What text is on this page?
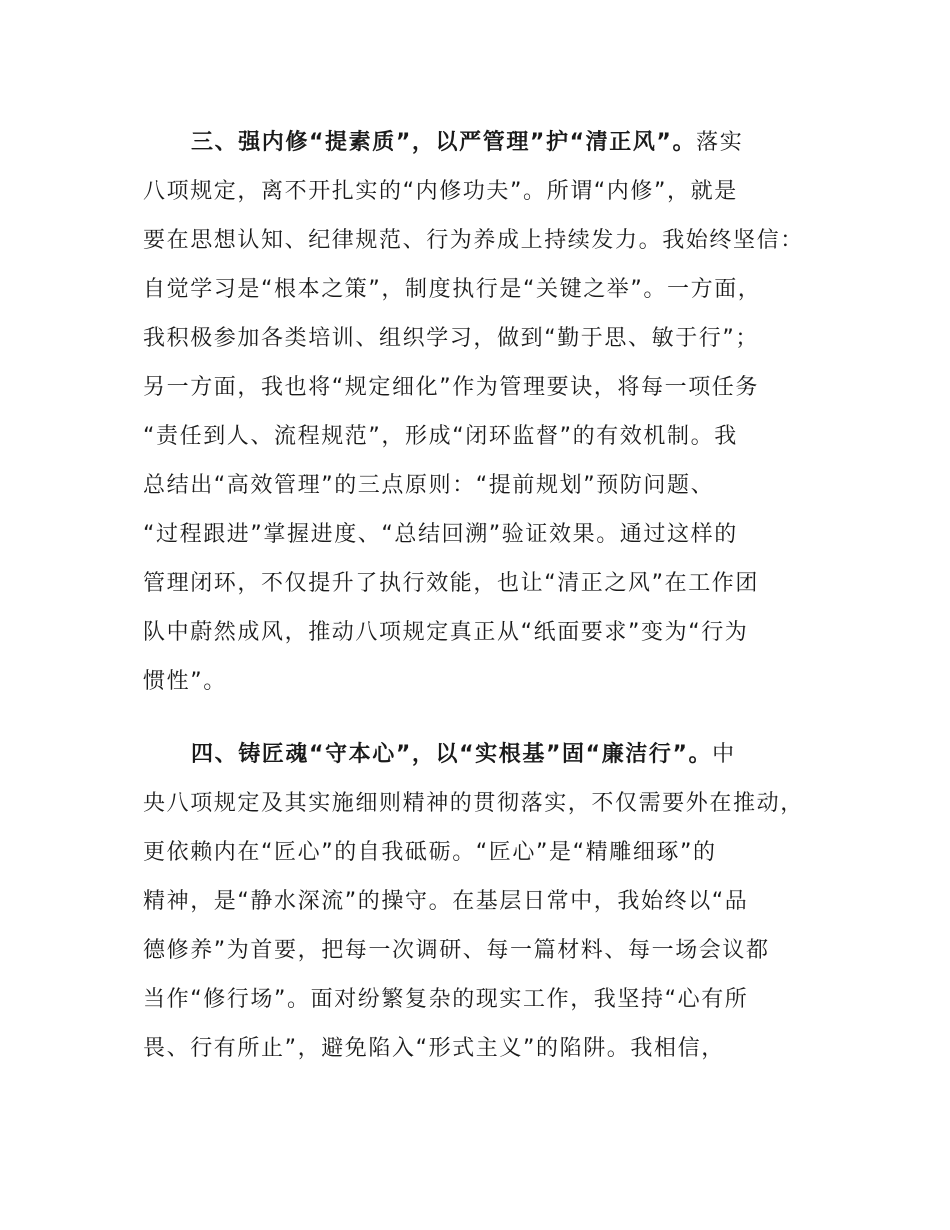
三、强内修“提素质”，以严管理”护“清正风”。落实
八项规定，离不开扎实的“内修功夫”。所谓“内修”，就是
要在思想认知、纪律规范、行为养成上持续发力。我始终坚信：
自觉学习是“根本之策”，制度执行是“关键之举”。一方面，
我积极参加各类培训、组织学习，做到“勤于思、敏于行”；
另一方面，我也将“规定细化”作为管理要诀，将每一项任务
“责任到人、流程规范”，形成“闭环监督”的有效机制。我
总结出“高效管理”的三点原则：“提前规划”预防问题、
“过程跟进”掌握进度、“总结回溯”验证效果。通过这样的
管理闭环，不仅提升了执行效能，也让“清正之风”在工作团
队中蔚然成风，推动八项规定真正从“纸面要求”变为“行为
惯性”。
四、铸匠魂“守本心”，以“实根基”固“廉洁行”。中
央八项规定及其实施细则精神的贯彻落实，不仅需要外在推动，
更依赖内在“匠心”的自我砥砺。“匠心”是“精雕细琢”的
精神，是“静水深流”的操守。在基层日常中，我始终以“品
德修养”为首要，把每一次调研、每一篇材料、每一场会议都
当作“修行场”。面对纷繁复杂的现实工作，我坚持“心有所
畏、行有所止”，避免陷入“形式主义”的陷阱。我相信，
